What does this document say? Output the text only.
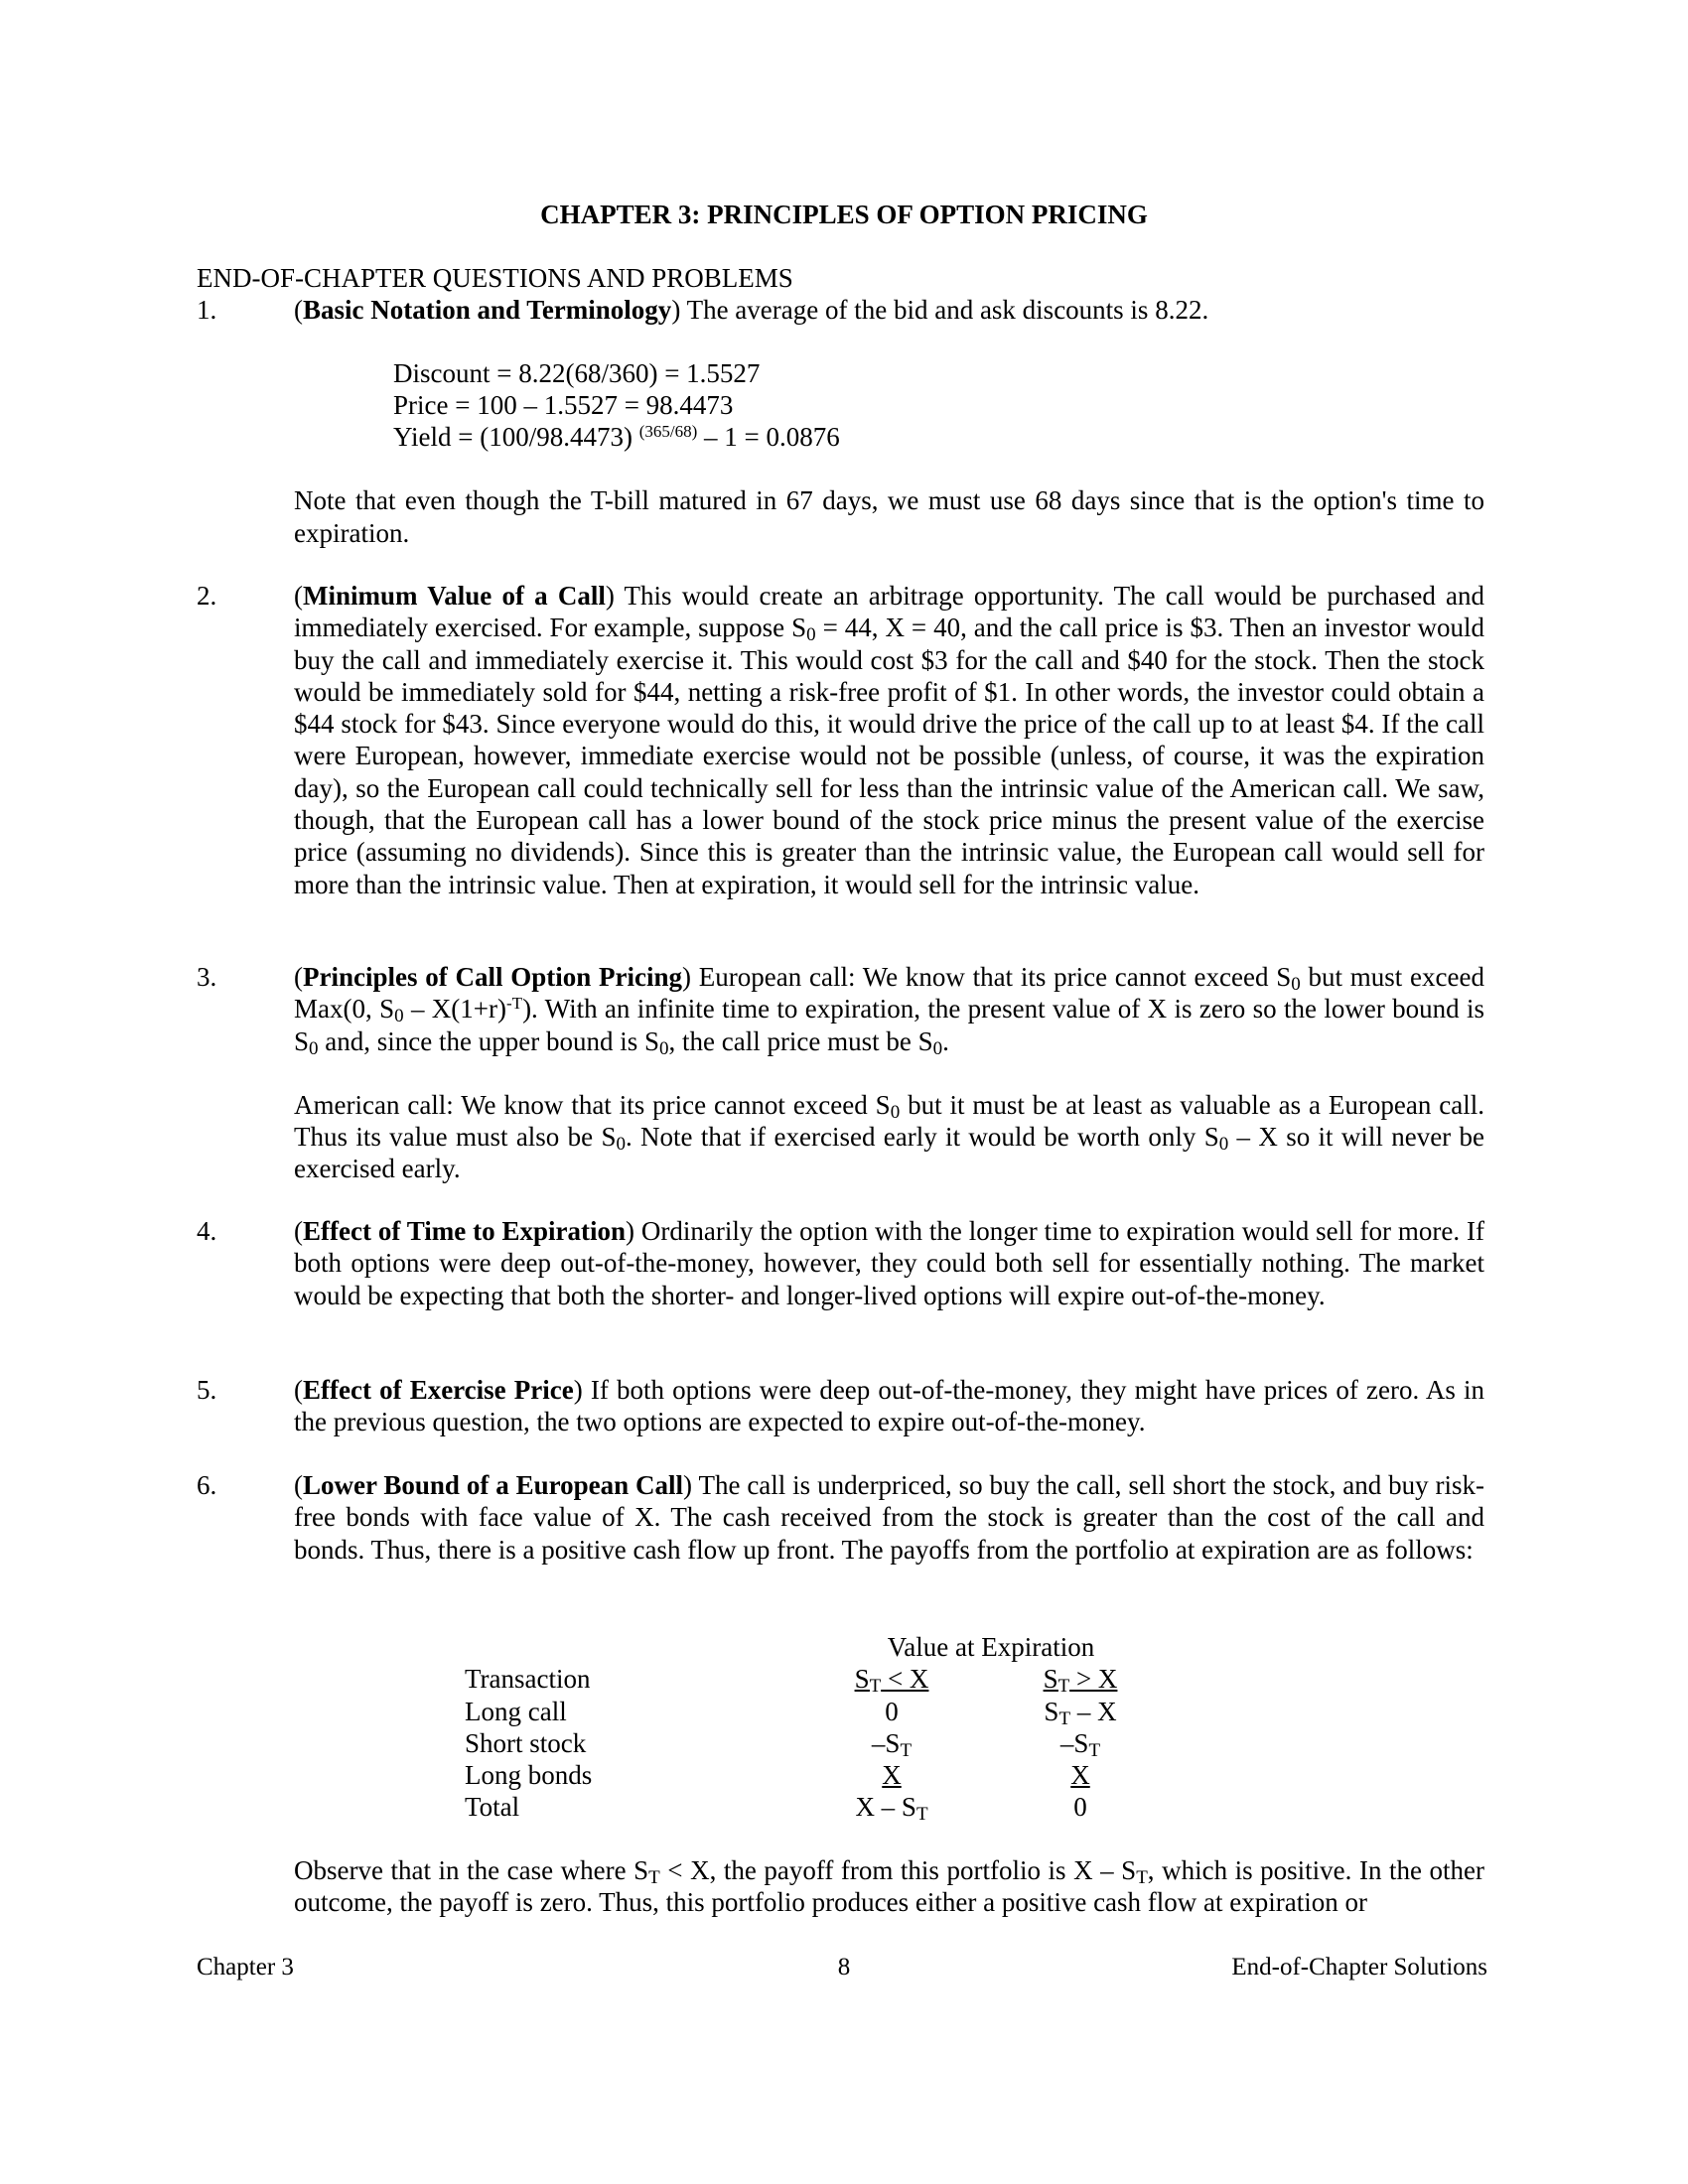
CHAPTER 3: PRINCIPLES OF OPTION PRICING
END-OF-CHAPTER QUESTIONS AND PROBLEMS
1.	(Basic Notation and Terminology) The average of the bid and ask discounts is 8.22.

Discount = 8.22(68/360) = 1.5527
Price = 100 – 1.5527 = 98.4473
Yield = (100/98.4473) $^{(365/68)}$ – 1 = 0.0876

Note that even though the T-bill matured in 67 days, we must use 68 days since that is the option's time to expiration.

2.	(Minimum Value of a Call) This would create an arbitrage opportunity. The call would be purchased and immediately exercised. For example, suppose $S_0 = 44$, X = 40, and the call price is $3. Then an investor would buy the call and immediately exercise it. This would cost $3 for the call and $40 for the stock. Then the stock would be immediately sold for $44, netting a risk-free profit of $1. In other words, the investor could obtain a $44 stock for $43. Since everyone would do this, it would drive the price of the call up to at least $4. If the call were European, however, immediate exercise would not be possible (unless, of course, it was the expiration day), so the European call could technically sell for less than the intrinsic value of the American call. We saw, though, that the European call has a lower bound of the stock price minus the present value of the exercise price (assuming no dividends). Since this is greater than the intrinsic value, the European call would sell for more than the intrinsic value. Then at expiration, it would sell for the intrinsic value.

3.	(Principles of Call Option Pricing) European call: We know that its price cannot exceed $S_0$ but must exceed Max(0, $S_0 - X(1+r)^{-T}$). With an infinite time to expiration, the present value of X is zero so the lower bound is $S_0$ and, since the upper bound is $S_0$, the call price must be $S_0$.

American call: We know that its price cannot exceed $S_0$ but it must be at least as valuable as a European call. Thus its value must also be $S_0$. Note that if exercised early it would be worth only $S_0$ – X so it will never be exercised early.

4.	(Effect of Time to Expiration) Ordinarily the option with the longer time to expiration would sell for more. If both options were deep out-of-the-money, however, they could both sell for essentially nothing. The market would be expecting that both the shorter- and longer-lived options will expire out-of-the-money.

5.	(Effect of Exercise Price) If both options were deep out-of-the-money, they might have prices of zero. As in the previous question, the two options are expected to expire out-of-the-money.

6.	(Lower Bound of a European Call) The call is underpriced, so buy the call, sell short the stock, and buy risk-free bonds with face value of X. The cash received from the stock is greater than the cost of the call and bonds. Thus, there is a positive cash flow up front. The payoffs from the portfolio at expiration are as follows:

	Value at Expiration	
Transaction	$S_T < X$	$S_T > X$
Long call	0	$S_T$ – X
Short stock	$-S_T$	$-S_T$
Long bonds	X	X
Total	X – $S_T$	0

Observe that in the case where $S_T < X$, the payoff from this portfolio is X – $S_T$, which is positive. In the other outcome, the payoff is zero. Thus, this portfolio produces either a positive cash flow at expiration or

Chapter 3	8	End-of-Chapter Solutions
